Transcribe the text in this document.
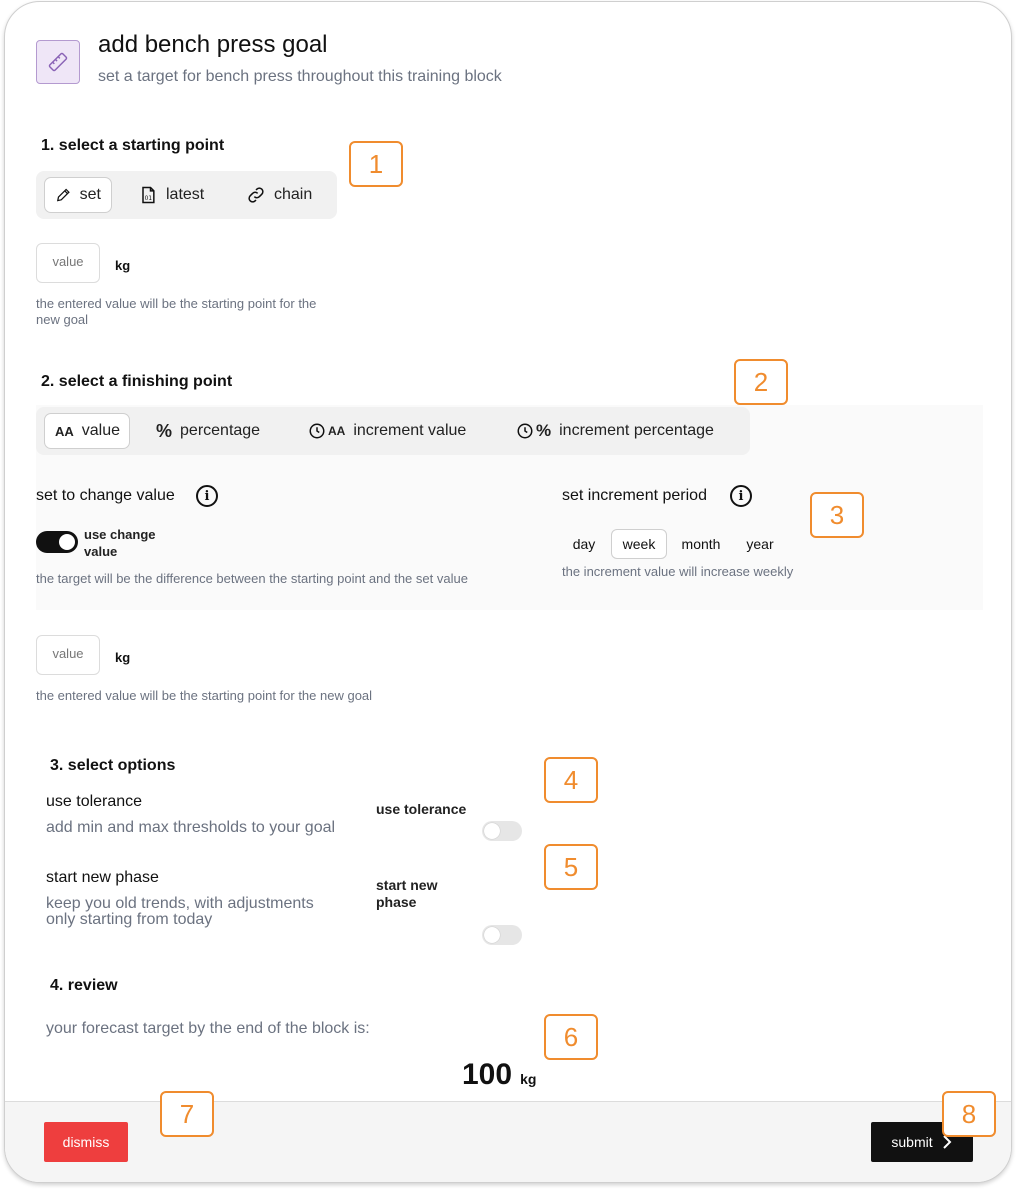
add bench press goal
set a target for bench press throughout this training block
1. select a starting point
1
set	01 latest	chain
value	kg
the entered value will be the starting point for the new goal
2. select a finishing point	2
AA value % percentage	AA increment value	% increment percentage
set to change value	i
use change value
the target will be the difference between the starting point and the set value
set increment period	i
3
day	week	month	year
the increment value will increase weekly
value	kg
the entered value will be the starting point for the new goal
3. select options	4
use tolerance
add min and max thresholds to your goal
use tolerance
5
start new phase
keep you old trends, with adjustments only starting from today
start new phase
4. review
your forecast target by the end of the block is:	6
100 kg
dismiss
7
submit
8
